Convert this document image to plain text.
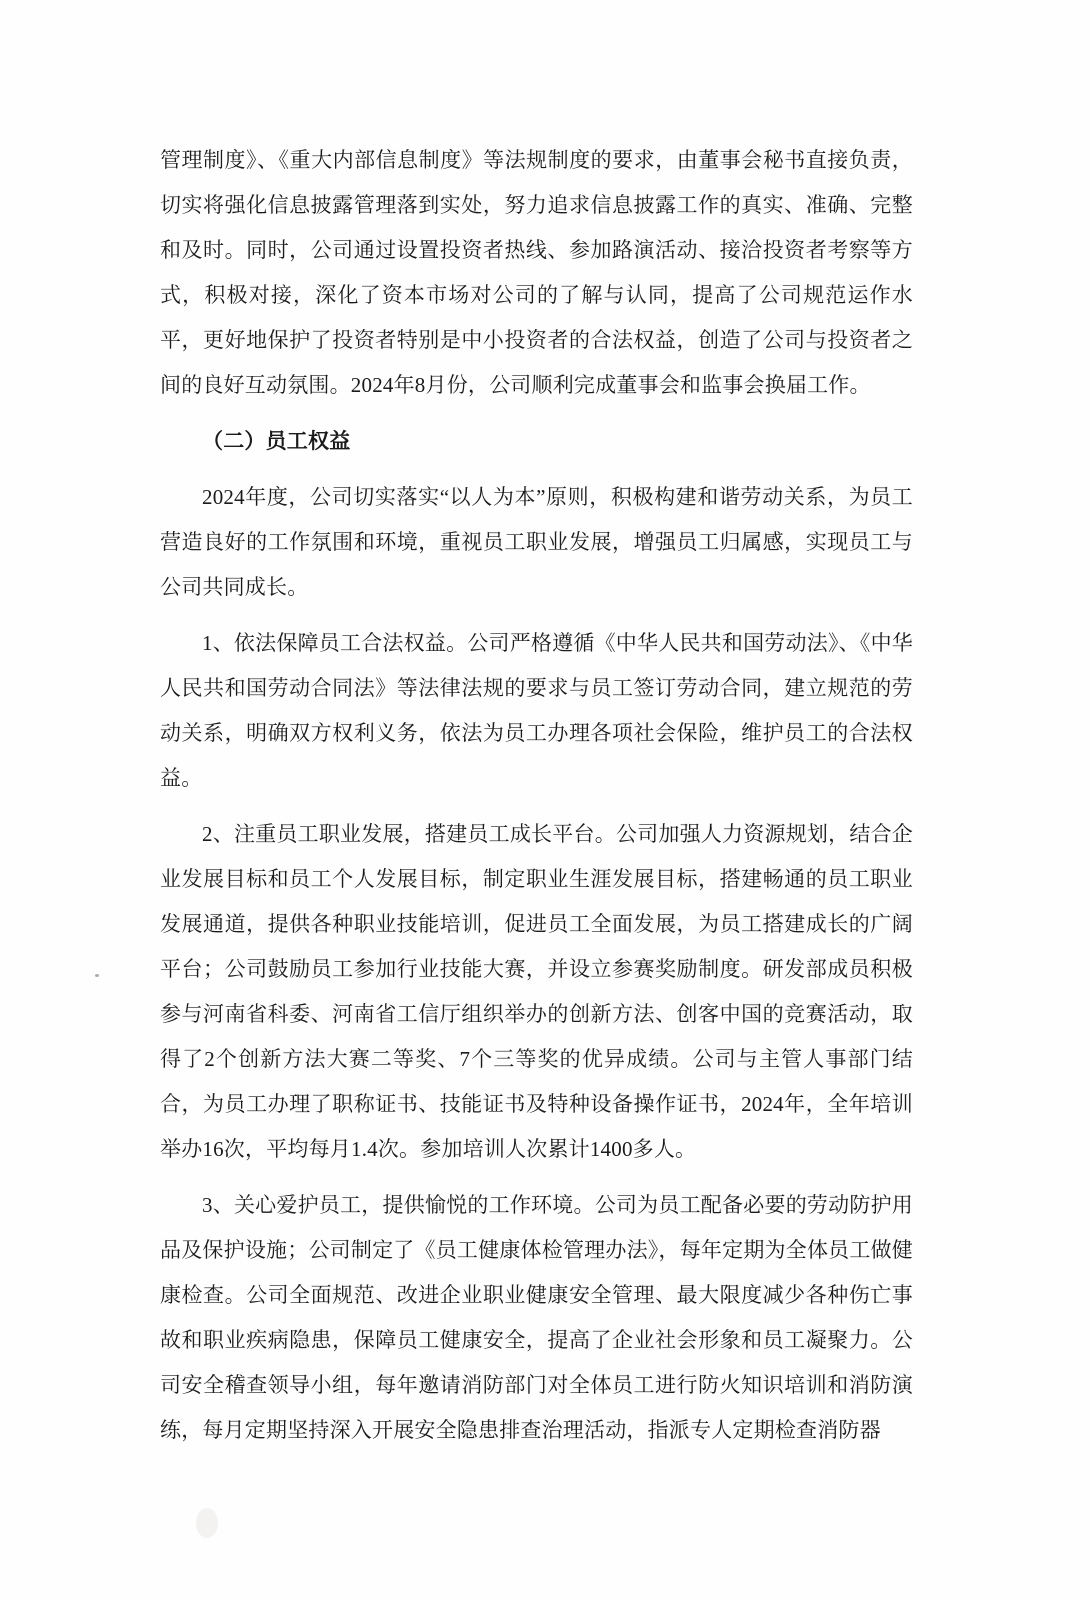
管理制度》、《重大内部信息制度》等法规制度的要求，由董事会秘书直接负责，切实将强化信息披露管理落到实处，努力追求信息披露工作的真实、准确、完整和及时。同时，公司通过设置投资者热线、参加路演活动、接洽投资者考察等方式，积极对接，深化了资本市场对公司的了解与认同，提高了公司规范运作水平，更好地保护了投资者特别是中小投资者的合法权益，创造了公司与投资者之间的良好互动氛围。2024年8月份，公司顺利完成董事会和监事会换届工作。

（二）员工权益

2024年度，公司切实落实“以人为本”原则，积极构建和谐劳动关系，为员工营造良好的工作氛围和环境，重视员工职业发展，增强员工归属感，实现员工与公司共同成长。

1、依法保障员工合法权益。公司严格遵循《中华人民共和国劳动法》、《中华人民共和国劳动合同法》等法律法规的要求与员工签订劳动合同，建立规范的劳动关系，明确双方权利义务，依法为员工办理各项社会保险，维护员工的合法权益。

2、注重员工职业发展，搭建员工成长平台。公司加强人力资源规划，结合企业发展目标和员工个人发展目标，制定职业生涯发展目标，搭建畅通的员工职业发展通道，提供各种职业技能培训，促进员工全面发展，为员工搭建成长的广阔平台；公司鼓励员工参加行业技能大赛，并设立参赛奖励制度。研发部成员积极参与河南省科委、河南省工信厅组织举办的创新方法、创客中国的竞赛活动，取得了2个创新方法大赛二等奖、7个三等奖的优异成绩。公司与主管人事部门结合，为员工办理了职称证书、技能证书及特种设备操作证书，2024年，全年培训举办16次，平均每月1.4次。参加培训人次累计1400多人。

3、关心爱护员工，提供愉悦的工作环境。公司为员工配备必要的劳动防护用品及保护设施；公司制定了《员工健康体检管理办法》，每年定期为全体员工做健康检查。公司全面规范、改进企业职业健康安全管理、最大限度减少各种伤亡事故和职业疾病隐患，保障员工健康安全，提高了企业社会形象和员工凝聚力。公司安全稽查领导小组，每年邀请消防部门对全体员工进行防火知识培训和消防演练，每月定期坚持深入开展安全隐患排查治理活动，指派专人定期检查消防器
